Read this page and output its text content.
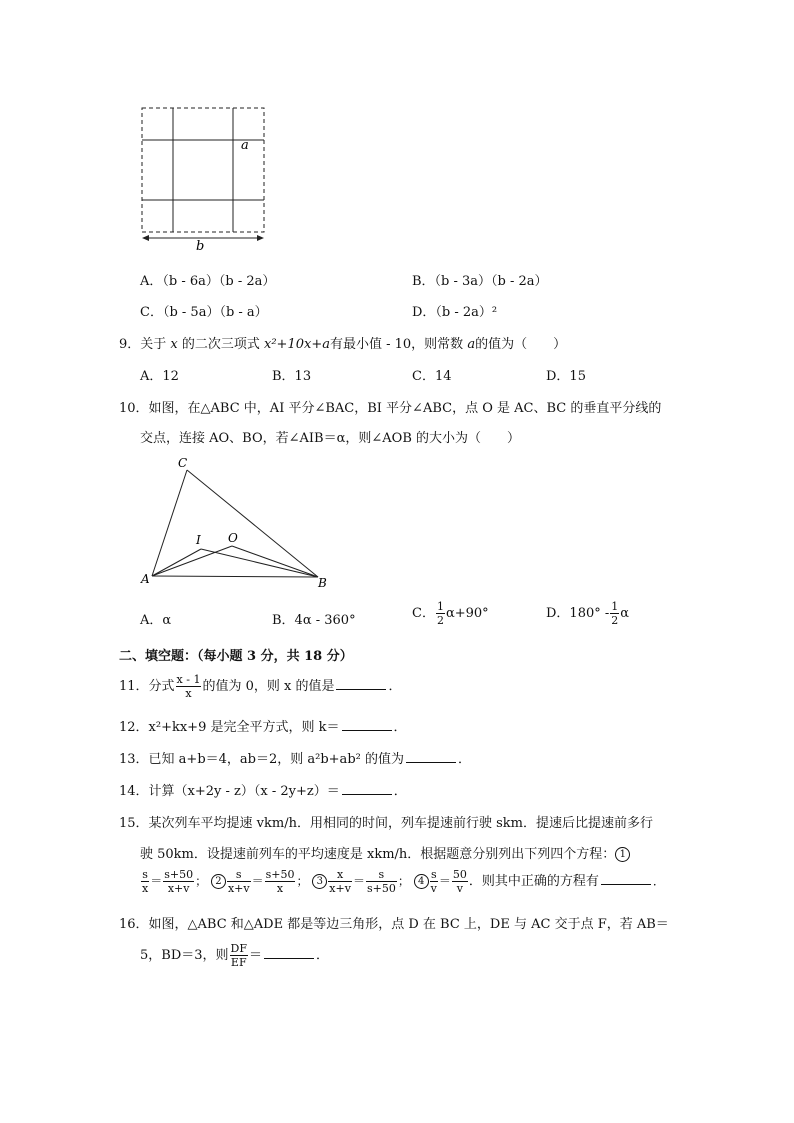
a
b
A．（b - 6a）（b - 2a）	B．（b - 3a）（b - 2a）
C．（b - 5a）（b - a）	D．（b - 2a）²
9．关于 x 的二次三项式 x²+10x+a有最小值 - 10，则常数 a的值为（　　）
A．12	B．13	C．14	D．15
10．如图，在△ABC 中，AI 平分∠BAC，BI 平分∠ABC，点 O 是 AC、BC 的垂直平分线的
交点，连接 AO、BO，若∠AIB＝α，则∠AOB 的大小为（　　）
C
I O
A	B
A．α	B．4α - 360°	C． $\frac{1}{2} \alpha+90^\circ$	D．$180^\circ - \frac{1}{2}$ α
二、填空题：（每小题 3 分，共 18 分）
11．分式 $\frac{x - 1}{x}$ 的值为 0，则 x 的值是	．
12．x²+kx+9 是完全平方式，则 k＝	．
13．已知 a+b＝4，ab＝2，则 a²b+ab² 的值为	．
14．计算（x+2y - z）（x - 2y+z）＝	．
15．某次列车平均提速 vkm/h．用相同的时间，列车提速前行驶 skm．提速后比提速前多行
驶 50km．设提速前列车的平均速度是 xkm/h．根据题意分别列出下列四个方程： 1
$\frac{s}{x} = \frac{s+50}{x+v}$ ； $2 \frac{s}{x+v} = \frac{s+50}{x}$ ； $3 \frac{x}{x+v} = \frac{s}{s+50}$ ； $4 \frac{s}{v} = \frac{50}{v}$ ．则其中正确的方程有	．
16．如图，△ABC 和△ADE 都是等边三角形，点 D 在 BC 上，DE 与 AC 交于点 F，若 AB＝
5，BD＝3，则 $\frac{DF}{EF}$ ＝	．
